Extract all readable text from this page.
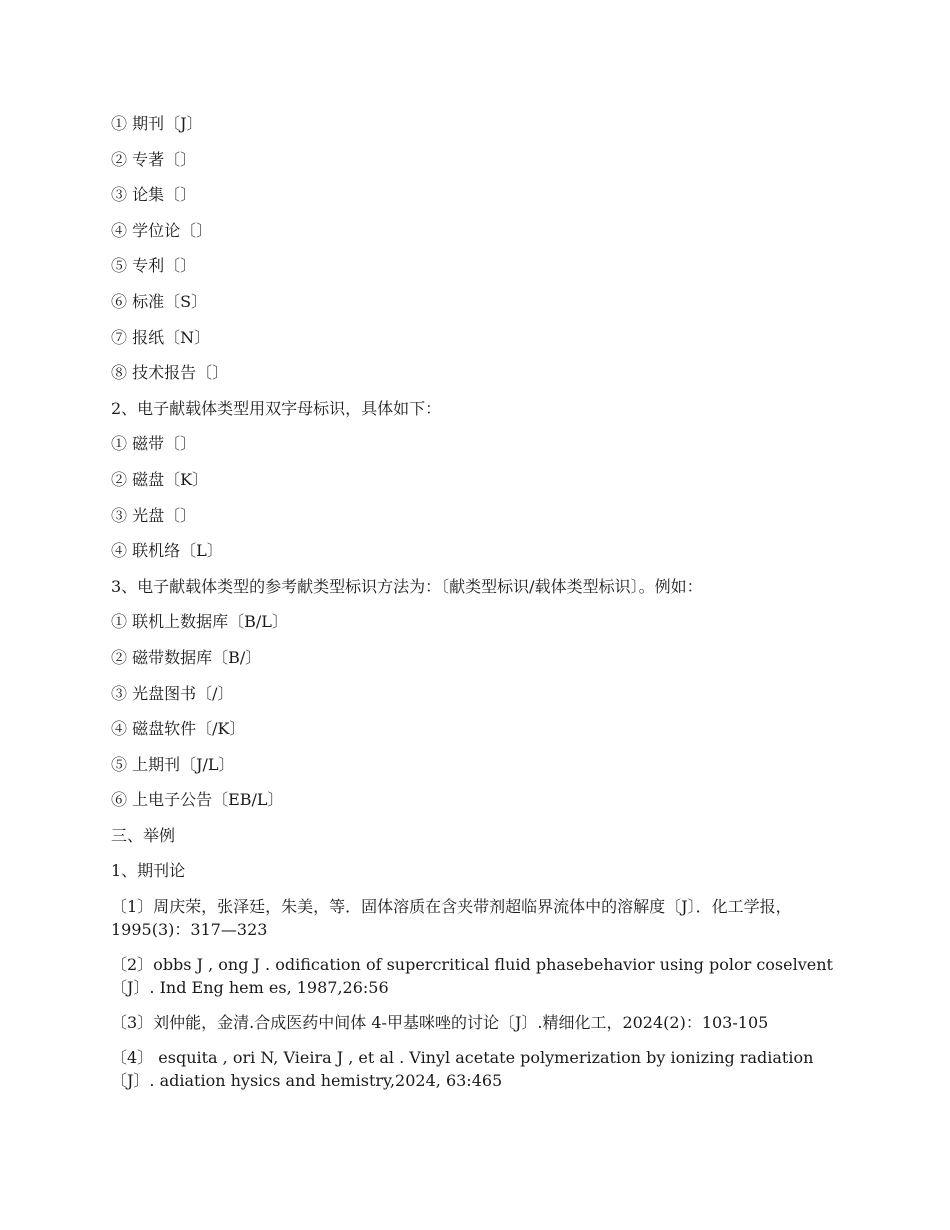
① 期刊〔J〕
② 专著〔〕
③ 论集〔〕
④ 学位论〔〕
⑤ 专利〔〕
⑥ 标准〔S〕
⑦ 报纸〔N〕
⑧ 技术报告〔〕
2、电子献载体类型用双字母标识，具体如下：
① 磁带〔〕
② 磁盘〔K〕
③ 光盘〔〕
④ 联机络〔L〕
3、电子献载体类型的参考献类型标识方法为：〔献类型标识/载体类型标识〕。例如：
① 联机上数据库〔B/L〕
② 磁带数据库〔B/〕
③ 光盘图书〔/〕
④ 磁盘软件〔/K〕
⑤ 上期刊〔J/L〕
⑥ 上电子公告〔EB/L〕
三、举例
1、期刊论
〔1〕周庆荣，张泽廷，朱美，等．固体溶质在含夹带剂超临界流体中的溶解度〔J〕．化工学报，1995(3)：317—323
〔2〕obbs J , ong J . odification of supercritical fluid phasebehavior using polor coselvent〔J〕. Ind Eng hem es, 1987,26:56
〔3〕刘仲能，金清.合成医药中间体 4-甲基咪唑的讨论〔J〕.精细化工，2024(2)：103-105
〔4〕 esquita , ori N, Vieira J , et al . Vinyl acetate polymerization by ionizing radiation〔J〕. adiation hysics and hemistry,2024, 63:465
